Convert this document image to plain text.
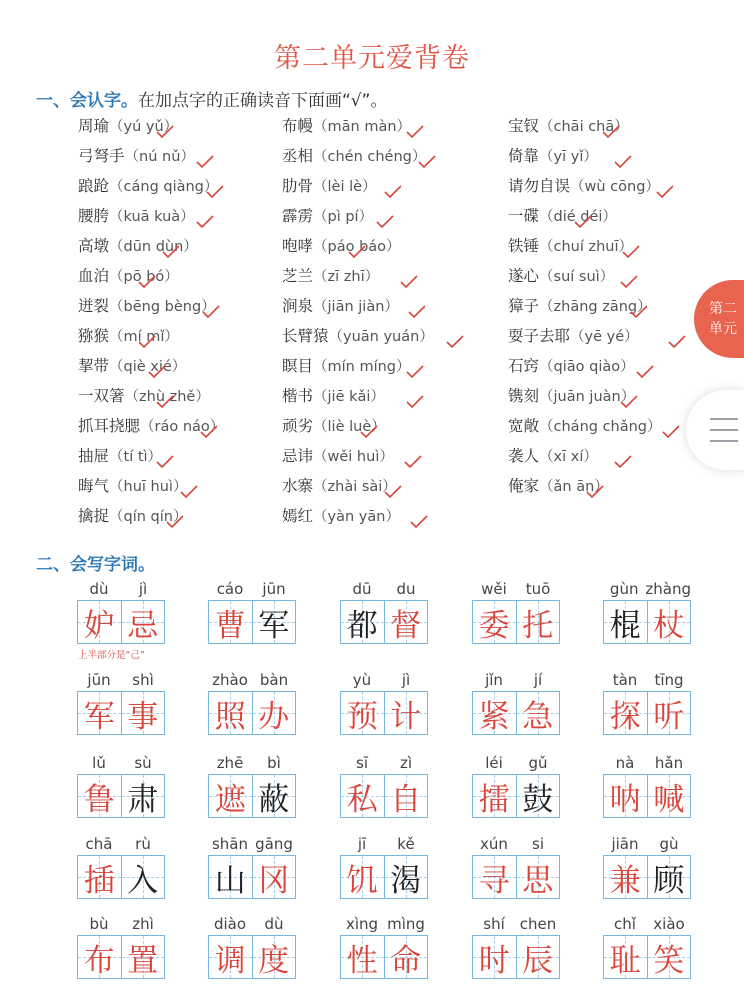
第二单元爱背卷
一、会认字。在加点字的正确读音下面画“√”。
周瑜（yú yǔ）
弓弩手（nú nǔ）
踉跄（cáng qiàng）
腰胯（kuā kuà）
高墩（dūn dùn）
血泊（pō bó）
迸裂（bēng bèng）
猕猴（mí mǐ）
挈带（qiè xié）
一双箸（zhù zhě）
抓耳挠腮（ráo náo）
抽屉（tí tì）
晦气（huī huì）
擒捉（qín qín）
布幔（mān màn）
丞相（chén chéng）
肋骨（lèi lè）
霹雳（pì pí）
咆哮（páo báo）
芝兰（zī zhī）
涧泉（jiān jiàn）
长臂猿（yuān yuán）
瞑目（mín míng）
楷书（jiē kǎi）
顽劣（liè luè）
忌讳（wěi huì）
水寨（zhài sài）
嫣红（yàn yān）
宝钗（chāi chā）
倚靠（yī yǐ）
请勿自误（wù cōng）
一碟（dié déi）
铁锤（chuí zhuī）
遂心（suí suì）
獐子（zhāng zāng）
耍子去耶（yē yé）
石窍（qiāo qiào）
镌刻（juān juàn）
宽敞（cháng chǎng）
袭人（xī xí）
俺家（ǎn ān）
二、会写字词。
dù	jì
妒 忌
cáo	jūn
曹 军
dū	du
都 督
wěi	tuō
委 托
gùn zhàng
棍 杖
jūn	shì
军 事
zhào bàn
照 办
yù	jì
预 计
jǐn	jí
紧 急
tàn	tīng
探 听
lǔ	sù
鲁 肃
zhē	bì
遮 蔽
sī	zì
私 自
léi	gǔ
擂 鼓
nà	hǎn
呐 喊
chā	rù
插 入
shān gāng
山 冈
jī	kě
饥 渴
xún	si
寻 思
jiān	gù
兼 顾
bù	zhì
布 置
diào	dù
调 度
xìng mìng
性 命
shí	chen
时 辰
chǐ	xiào
耻 笑
上半部分是“己”
第二
单元
